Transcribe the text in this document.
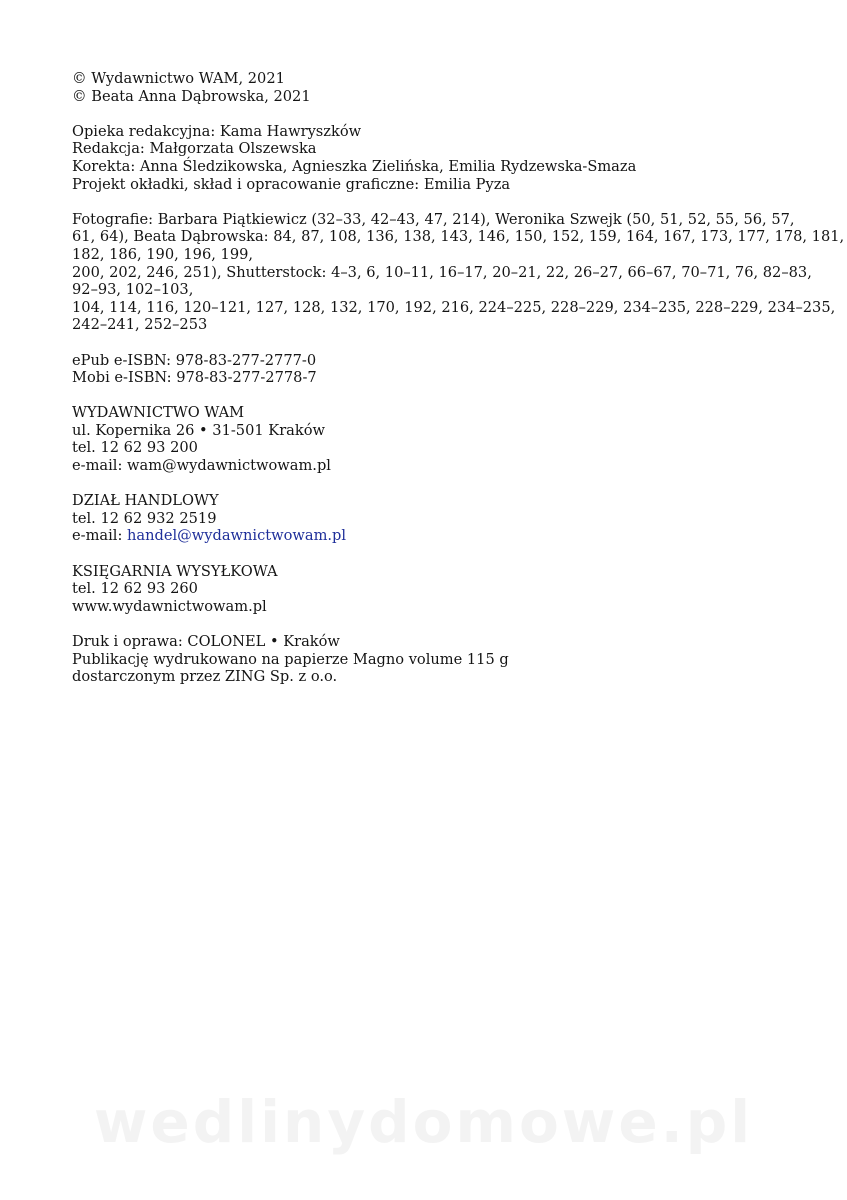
© Wydawnictwo WAM, 2021
© Beata Anna Dąbrowska, 2021
Opieka redakcyjna: Kama Hawryszków
Redakcja: Małgorzata Olszewska
Korekta: Anna Śledzikowska, Agnieszka Zielińska, Emilia Rydzewska-Smaza
Projekt okładki, skład i opracowanie graficzne: Emilia Pyza
Fotografie: Barbara Piątkiewicz (32–33, 42–43, 47, 214), Weronika Szwejk (50, 51, 52, 55, 56, 57,
61, 64), Beata Dąbrowska: 84, 87, 108, 136, 138, 143, 146, 150, 152, 159, 164, 167, 173, 177, 178, 181,
182, 186, 190, 196, 199,
200, 202, 246, 251), Shutterstock: 4–3, 6, 10–11, 16–17, 20–21, 22, 26–27, 66–67, 70–71, 76, 82–83,
92–93, 102–103,
104, 114, 116, 120–121, 127, 128, 132, 170, 192, 216, 224–225, 228–229, 234–235, 228–229, 234–235,
242–241, 252–253
ePub e-ISBN: 978-83-277-2777-0
Mobi e-ISBN: 978-83-277-2778-7
WYDAWNICTWO WAM
ul. Kopernika 26 • 31-501 Kraków
tel. 12 62 93 200
e-mail: wam@wydawnictwowam.pl
DZIAŁ HANDLOWY
tel. 12 62 932 2519
e-mail: handel@wydawnictwowam.pl
KSIĘGARNIA WYSYŁKOWA
tel. 12 62 93 260
www.wydawnictwowam.pl
Druk i oprawa: COLONEL • Kraków
Publikację wydrukowano na papierze Magno volume 115 g
dostarczonym przez ZING Sp. z o.o.
wedlinydomowe.pl
